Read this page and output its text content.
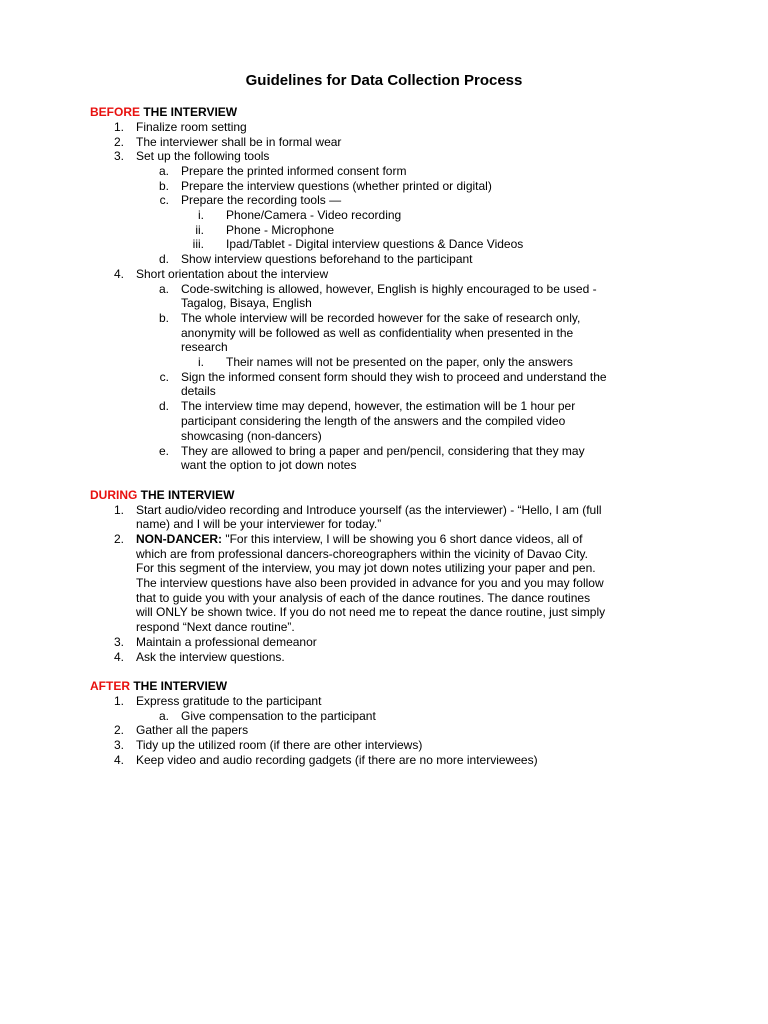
Guidelines for Data Collection Process
BEFORE THE INTERVIEW
1. Finalize room setting
2. The interviewer shall be in formal wear
3. Set up the following tools
a. Prepare the printed informed consent form
b. Prepare the interview questions (whether printed or digital)
c. Prepare the recording tools —
i. Phone/Camera - Video recording
ii. Phone - Microphone
iii. Ipad/Tablet - Digital interview questions & Dance Videos
d. Show interview questions beforehand to the participant
4. Short orientation about the interview
a. Code-switching is allowed, however, English is highly encouraged to be used -
Tagalog, Bisaya, English
b. The whole interview will be recorded however for the sake of research only,
anonymity will be followed as well as confidentiality when presented in the
research
i. Their names will not be presented on the paper, only the answers
c. Sign the informed consent form should they wish to proceed and understand the
details
d. The interview time may depend, however, the estimation will be 1 hour per
participant considering the length of the answers and the compiled video
showcasing (non-dancers)
e. They are allowed to bring a paper and pen/pencil, considering that they may
want the option to jot down notes
DURING THE INTERVIEW
1. Start audio/video recording and Introduce yourself (as the interviewer) - “Hello, I am (full
name) and I will be your interviewer for today.”
2. NON-DANCER: "For this interview, I will be showing you 6 short dance videos, all of
which are from professional dancers-choreographers within the vicinity of Davao City.
For this segment of the interview, you may jot down notes utilizing your paper and pen.
The interview questions have also been provided in advance for you and you may follow
that to guide you with your analysis of each of the dance routines. The dance routines
will ONLY be shown twice. If you do not need me to repeat the dance routine, just simply
respond “Next dance routine”.
3. Maintain a professional demeanor
4. Ask the interview questions.
AFTER THE INTERVIEW
1. Express gratitude to the participant
a. Give compensation to the participant
2. Gather all the papers
3. Tidy up the utilized room (if there are other interviews)
4. Keep video and audio recording gadgets (if there are no more interviewees)
